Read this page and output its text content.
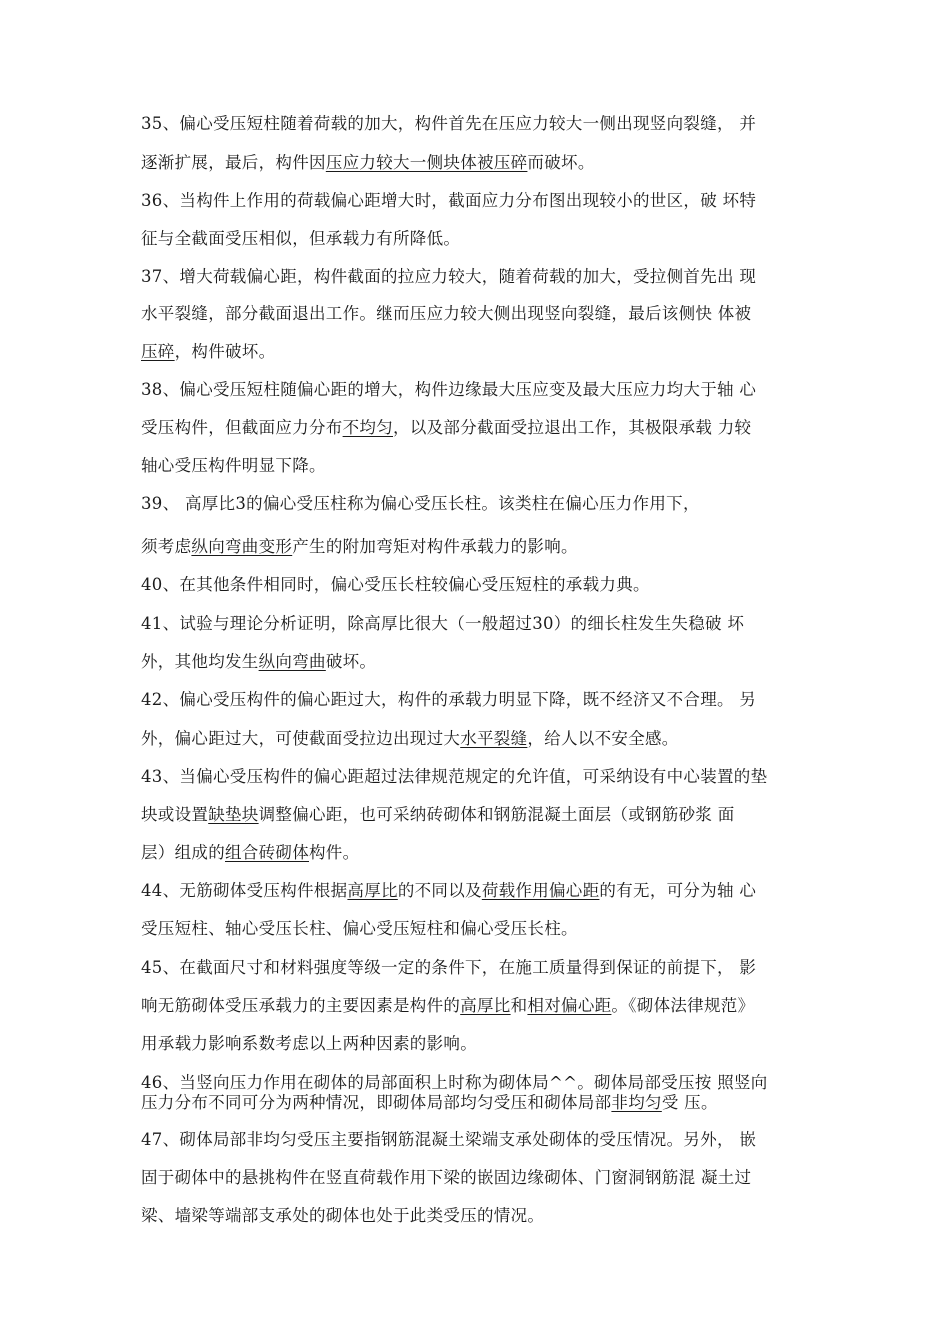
35、偏心受压短柱随着荷载的加大，构件首先在压应力较大一侧出现竖向裂缝， 并
逐渐扩展，最后，构件因压应力较大一侧块体被压碎而破坏。
36、当构件上作用的荷载偏心距增大时，截面应力分布图出现较小的世区，破 坏特
征与全截面受压相似，但承载力有所降低。
37、增大荷载偏心距，构件截面的拉应力较大，随着荷载的加大，受拉侧首先出 现
水平裂缝，部分截面退出工作。继而压应力较大侧出现竖向裂缝，最后该侧快 体被
压碎，构件破坏。
38、偏心受压短柱随偏心距的增大，构件边缘最大压应变及最大压应力均大于轴 心
受压构件，但截面应力分布不均匀，以及部分截面受拉退出工作，其极限承载 力较
轴心受压构件明显下降。
39、 高厚比3的偏心受压柱称为偏心受压长柱。该类柱在偏心压力作用下，
须考虑纵向弯曲变形产生的附加弯矩对构件承载力的影响。
40、在其他条件相同时，偏心受压长柱较偏心受压短柱的承载力典。
41、试验与理论分析证明，除高厚比很大（一般超过30）的细长柱发生失稳破 坏
外，其他均发生纵向弯曲破坏。
42、偏心受压构件的偏心距过大，构件的承载力明显下降，既不经济又不合理。 另
外，偏心距过大，可使截面受拉边出现过大水平裂缝，给人以不安全感。
43、当偏心受压构件的偏心距超过法律规范规定的允许值，可采纳设有中心装置的垫
块或设置缺垫块调整偏心距，也可采纳砖砌体和钢筋混凝土面层（或钢筋砂浆 面
层）组成的组合砖砌体构件。
44、无筋砌体受压构件根据高厚比的不同以及荷载作用偏心距的有无，可分为轴 心
受压短柱、轴心受压长柱、偏心受压短柱和偏心受压长柱。
45、在截面尺寸和材料强度等级一定的条件下，在施工质量得到保证的前提下， 影
响无筋砌体受压承载力的主要因素是构件的高厚比和相对偏心距。《砌体法律规范》
用承载力影响系数考虑以上两种因素的影响。
46、当竖向压力作用在砌体的局部面积上时称为砌体局^^。砌体局部受压按 照竖向
压力分布不同可分为两种情况，即砌体局部均匀受压和砌体局部非均匀受 压。
47、砌体局部非均匀受压主要指钢筋混凝土梁端支承处砌体的受压情况。另外， 嵌
固于砌体中的悬挑构件在竖直荷载作用下梁的嵌固边缘砌体、门窗洞钢筋混 凝土过
梁、墙梁等端部支承处的砌体也处于此类受压的情况。
